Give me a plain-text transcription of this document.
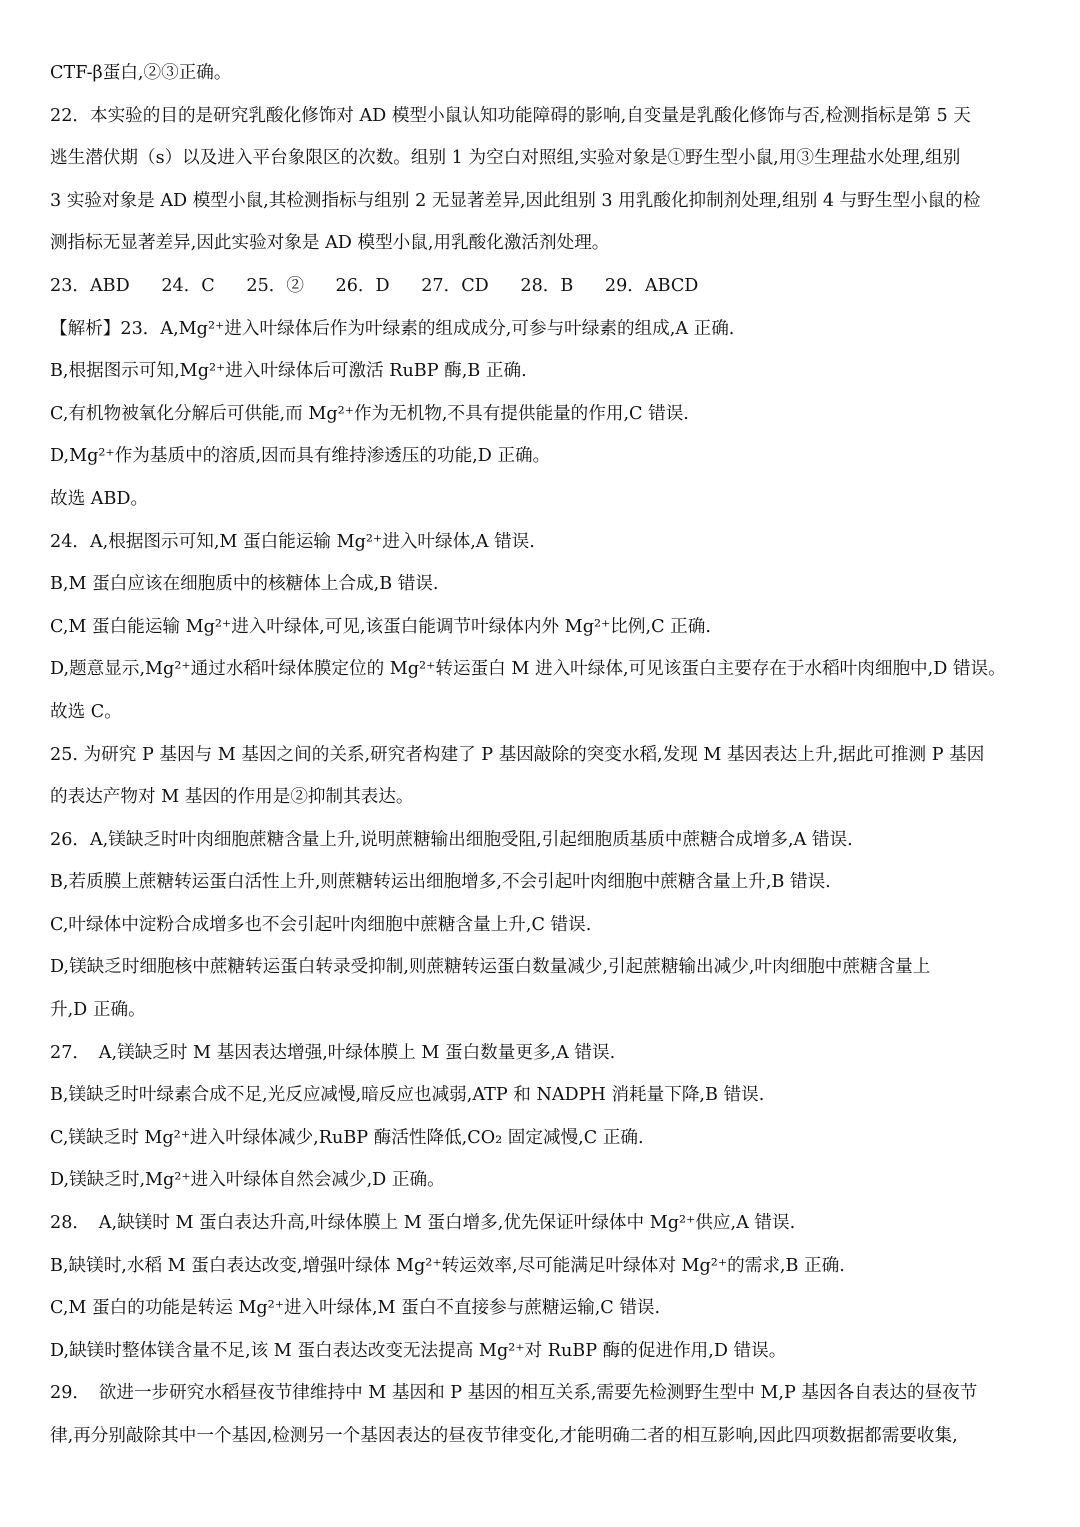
CTF-β蛋白,②③正确。
22．本实验的目的是研究乳酸化修饰对 AD 模型小鼠认知功能障碍的影响,自变量是乳酸化修饰与否,检测指标是第 5 天
逃生潜伏期（s）以及进入平台象限区的次数。组别 1 为空白对照组,实验对象是①野生型小鼠,用③生理盐水处理,组别
3 实验对象是 AD 模型小鼠,其检测指标与组别 2 无显著差异,因此组别 3 用乳酸化抑制剂处理,组别 4 与野生型小鼠的检
测指标无显著差异,因此实验对象是 AD 模型小鼠,用乳酸化激活剂处理。
23．ABD 24．C 25．② 26．D 27．CD 28．B 29．ABCD
【解析】23．A,Mg²⁺进入叶绿体后作为叶绿素的组成成分,可参与叶绿素的组成,A 正确.
B,根据图示可知,Mg²⁺进入叶绿体后可激活 RuBP 酶,B 正确.
C,有机物被氧化分解后可供能,而 Mg²⁺作为无机物,不具有提供能量的作用,C 错误.
D,Mg²⁺作为基质中的溶质,因而具有维持渗透压的功能,D 正确。
故选 ABD。
24．A,根据图示可知,M 蛋白能运输 Mg²⁺进入叶绿体,A 错误.
B,M 蛋白应该在细胞质中的核糖体上合成,B 错误.
C,M 蛋白能运输 Mg²⁺进入叶绿体,可见,该蛋白能调节叶绿体内外 Mg²⁺比例,C 正确.
D,题意显示,Mg²⁺通过水稻叶绿体膜定位的 Mg²⁺转运蛋白 M 进入叶绿体,可见该蛋白主要存在于水稻叶肉细胞中,D 错误。
故选 C。
25. 为研究 P 基因与 M 基因之间的关系,研究者构建了 P 基因敲除的突变水稻,发现 M 基因表达上升,据此可推测 P 基因
的表达产物对 M 基因的作用是②抑制其表达。
26．A,镁缺乏时叶肉细胞蔗糖含量上升,说明蔗糖输出细胞受阻,引起细胞质基质中蔗糖合成增多,A 错误.
B,若质膜上蔗糖转运蛋白活性上升,则蔗糖转运出细胞增多,不会引起叶肉细胞中蔗糖含量上升,B 错误.
C,叶绿体中淀粉合成增多也不会引起叶肉细胞中蔗糖含量上升,C 错误.
D,镁缺乏时细胞核中蔗糖转运蛋白转录受抑制,则蔗糖转运蛋白数量减少,引起蔗糖输出减少,叶肉细胞中蔗糖含量上
升,D 正确。
27．　A,镁缺乏时 M 基因表达增强,叶绿体膜上 M 蛋白数量更多,A 错误.
B,镁缺乏时叶绿素合成不足,光反应减慢,暗反应也减弱,ATP 和 NADPH 消耗量下降,B 错误.
C,镁缺乏时 Mg²⁺进入叶绿体减少,RuBP 酶活性降低,CO₂ 固定减慢,C 正确.
D,镁缺乏时,Mg²⁺进入叶绿体自然会减少,D 正确。
28．　A,缺镁时 M 蛋白表达升高,叶绿体膜上 M 蛋白增多,优先保证叶绿体中 Mg²⁺供应,A 错误.
B,缺镁时,水稻 M 蛋白表达改变,增强叶绿体 Mg²⁺转运效率,尽可能满足叶绿体对 Mg²⁺的需求,B 正确.
C,M 蛋白的功能是转运 Mg²⁺进入叶绿体,M 蛋白不直接参与蔗糖运输,C 错误.
D,缺镁时整体镁含量不足,该 M 蛋白表达改变无法提高 Mg²⁺对 RuBP 酶的促进作用,D 错误。
29．　欲进一步研究水稻昼夜节律维持中 M 基因和 P 基因的相互关系,需要先检测野生型中 M,P 基因各自表达的昼夜节
律,再分别敲除其中一个基因,检测另一个基因表达的昼夜节律变化,才能明确二者的相互影响,因此四项数据都需要收集,
